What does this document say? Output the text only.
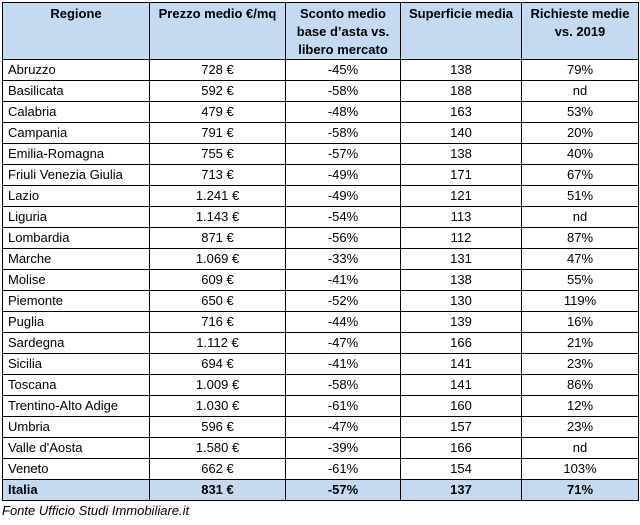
Regione	Prezzo medio €/mq	Sconto medio base d’asta vs. libero mercato	Superficie media	Richieste medie vs. 2019
Abruzzo	728 €	-45%	138	79%
Basilicata	592 €	-58%	188	nd
Calabria	479 €	-48%	163	53%
Campania	791 €	-58%	140	20%
Emilia-Romagna	755 €	-57%	138	40%
Friuli Venezia Giulia	713 €	-49%	171	67%
Lazio	1.241 €	-49%	121	51%
Liguria	1.143 €	-54%	113	nd
Lombardia	871 €	-56%	112	87%
Marche	1.069 €	-33%	131	47%
Molise	609 €	-41%	138	55%
Piemonte	650 €	-52%	130	119%
Puglia	716 €	-44%	139	16%
Sardegna	1.112 €	-47%	166	21%
Sicilia	694 €	-41%	141	23%
Toscana	1.009 €	-58%	141	86%
Trentino-Alto Adige	1.030 €	-61%	160	12%
Umbria	596 €	-47%	157	23%
Valle d'Aosta	1.580 €	-39%	166	nd
Veneto	662 €	-61%	154	103%
Italia	831 €	-57%	137	71%
Fonte Ufficio Studi Immobiliare.it
